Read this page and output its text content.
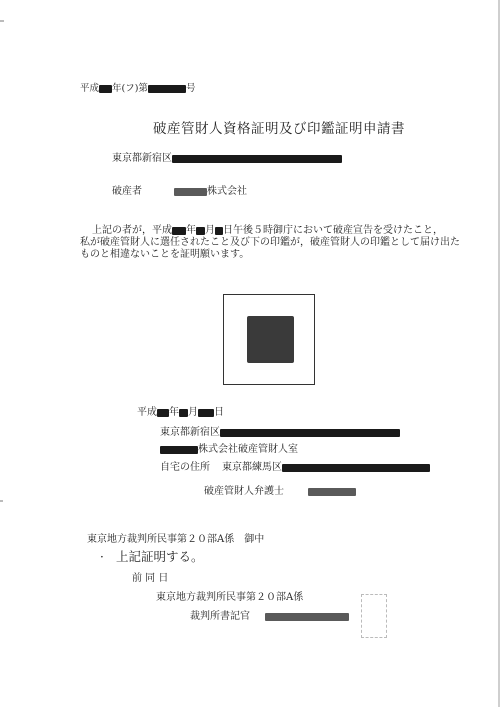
平成 年(フ)第	号
破産管財人資格証明及び印鑑証明申請書
東京都新宿区
破産者	株式会社
上記の者が，平成 年 月 日午後５時御庁において破産宣告を受けたこと，
私が破産管財人に選任されたこと及び下の印鑑が，破産管財人の印鑑として届け出た
ものと相違ないことを証明願います。
平成 年 月 日
東京都新宿区
株式会社破産管財人室
自宅の住所 東京都練馬区
破産管財人弁護士
東京地方裁判所民事第２０部A係　御中
· 上記証明する。
前 同 日
東京地方裁判所民事第２０部A係
裁判所書記官
